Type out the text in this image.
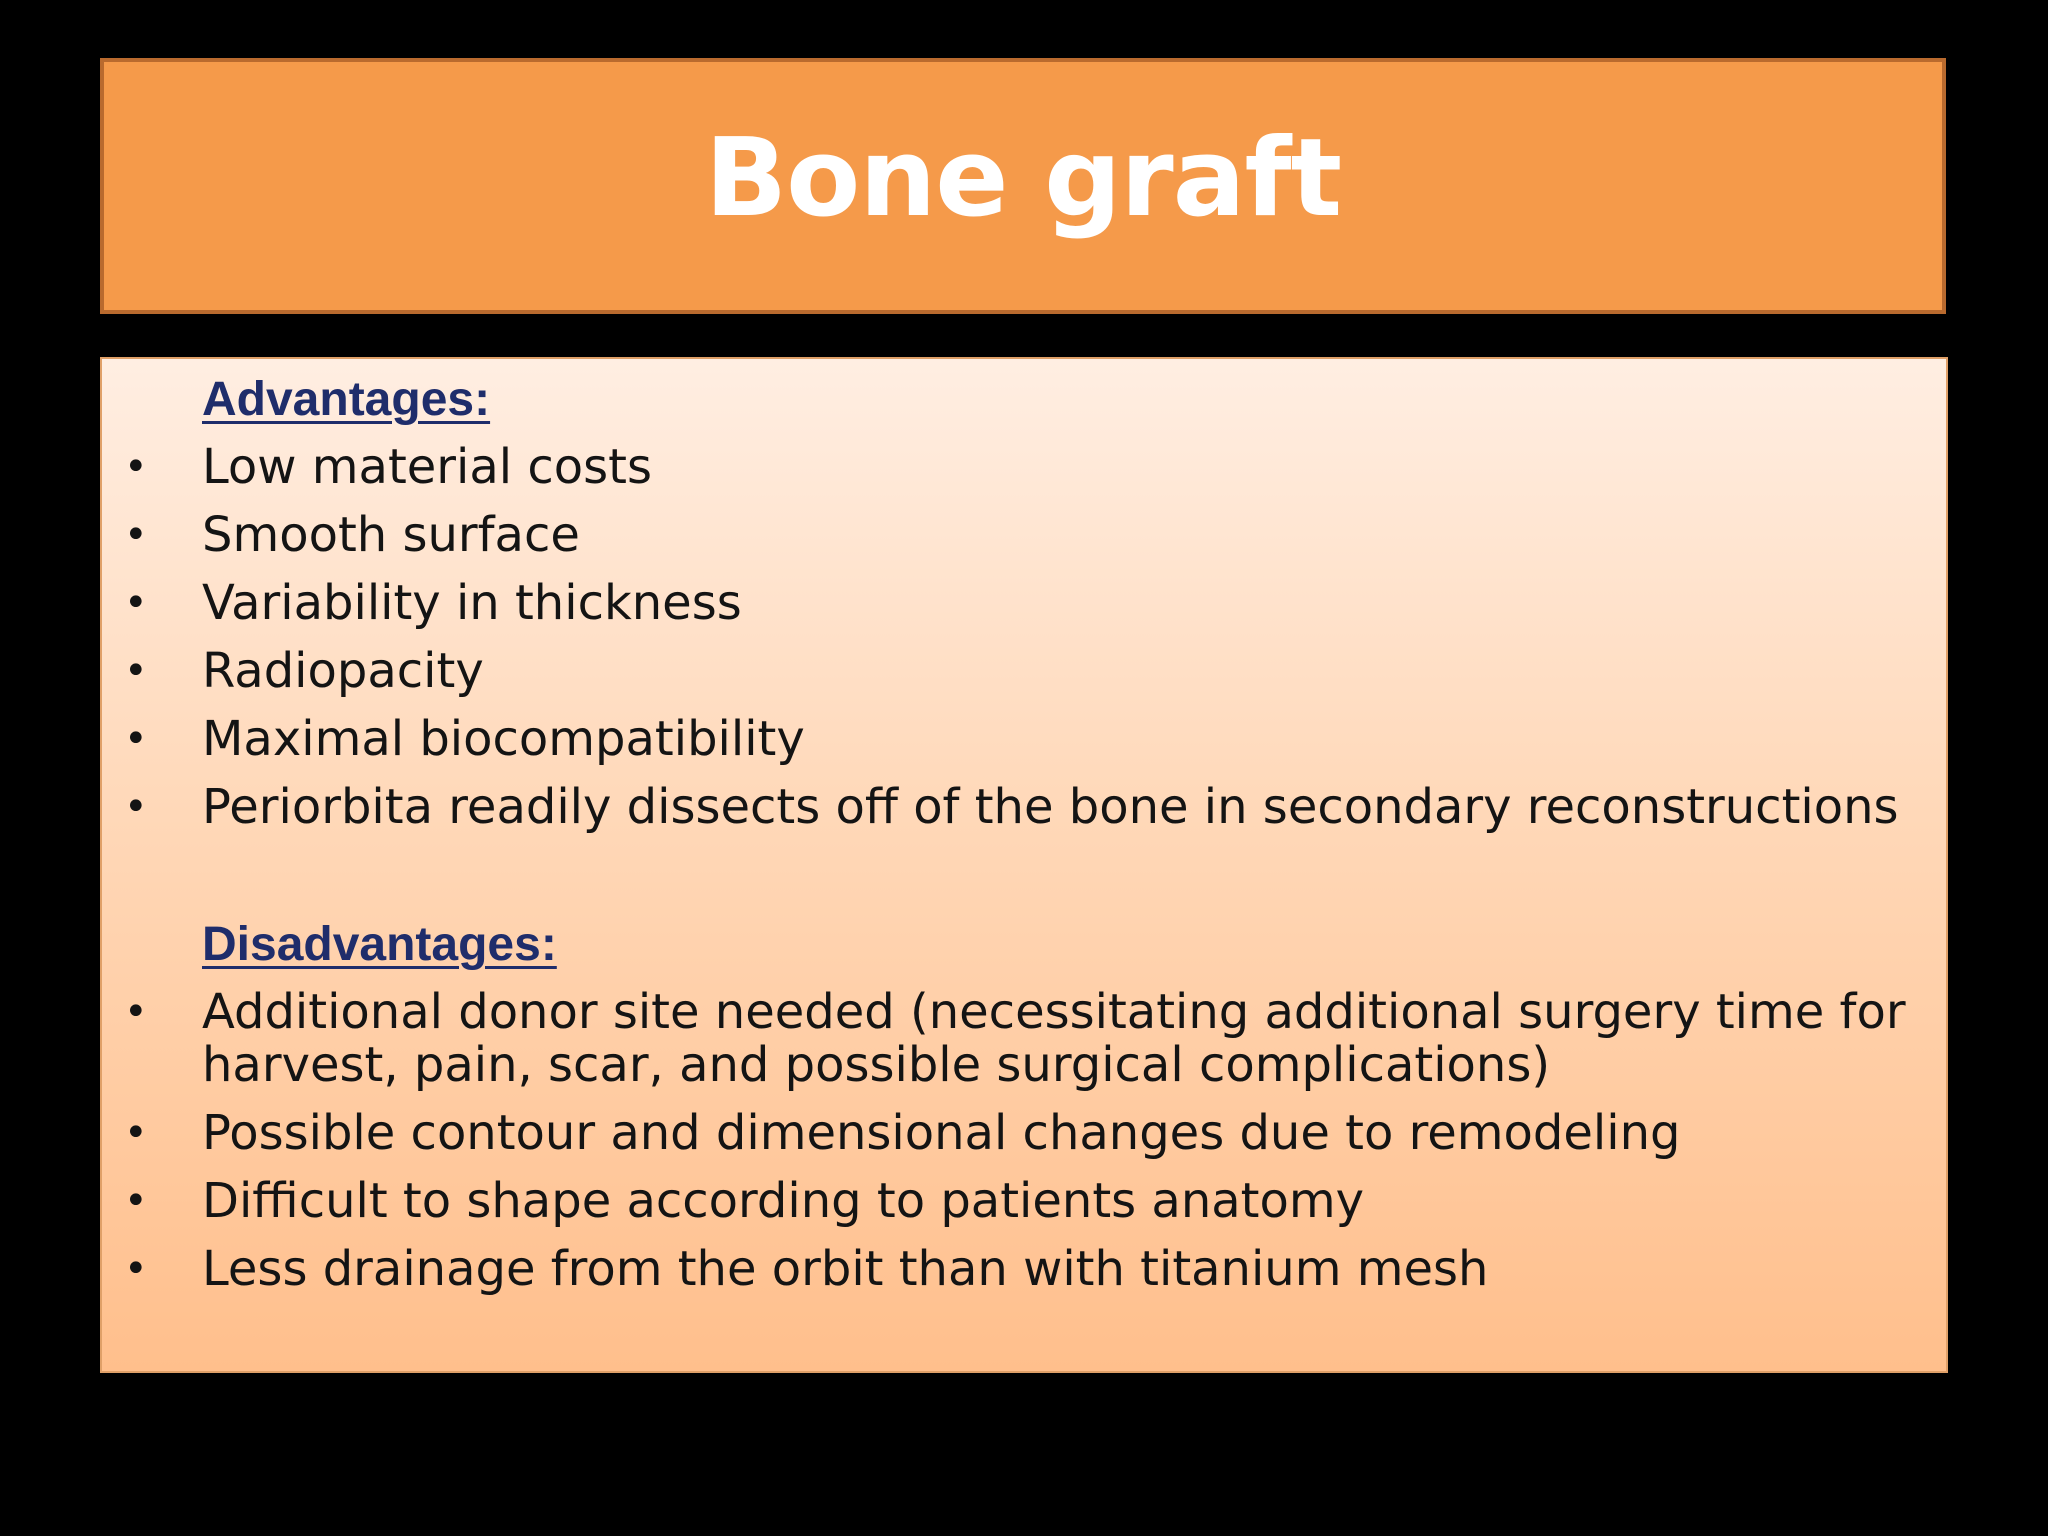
Bone graft
Advantages:
• Low material costs
• Smooth surface
• Variability in thickness
• Radiopacity
• Maximal biocompatibility
• Periorbita readily dissects off of the bone in secondary reconstructions
Disadvantages:
• Additional donor site needed (necessitating additional surgery time for harvest, pain, scar, and possible surgical complications)
• Possible contour and dimensional changes due to remodeling
• Difficult to shape according to patients anatomy
• Less drainage from the orbit than with titanium mesh
